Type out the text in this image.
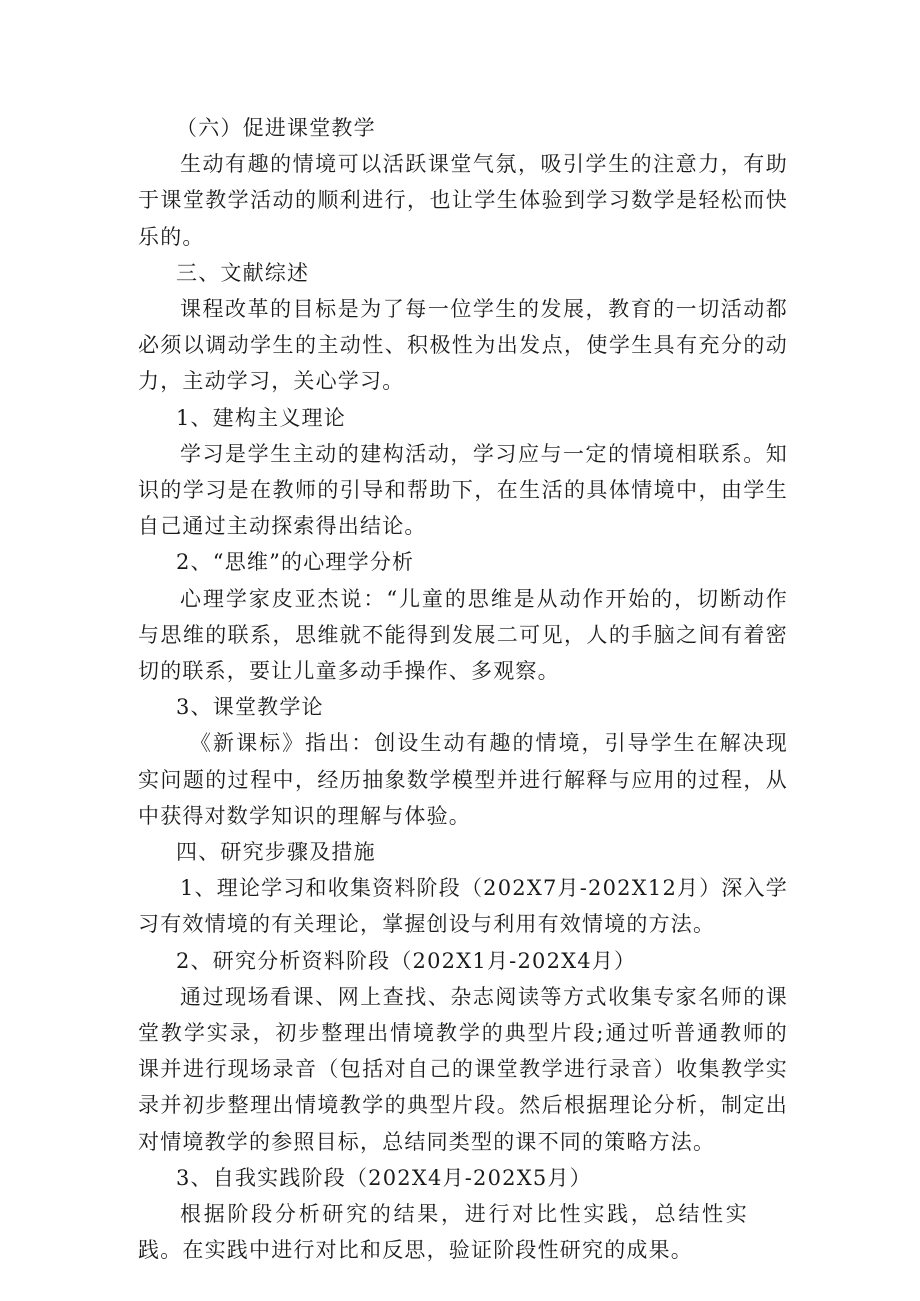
（六）促进课堂教学

生动有趣的情境可以活跃课堂气氛，吸引学生的注意力，有助于课堂教学活动的顺利进行，也让学生体验到学习数学是轻松而快乐的。

三、文献综述

课程改革的目标是为了每一位学生的发展，教育的一切活动都必须以调动学生的主动性、积极性为出发点，使学生具有充分的动力，主动学习，关心学习。

1、建构主义理论

学习是学生主动的建构活动，学习应与一定的情境相联系。知识的学习是在教师的引导和帮助下，在生活的具体情境中，由学生自己通过主动探索得出结论。

2、“思维”的心理学分析

心理学家皮亚杰说：“儿童的思维是从动作开始的，切断动作与思维的联系，思维就不能得到发展二可见，人的手脑之间有着密切的联系，要让儿童多动手操作、多观察。

3、课堂教学论

《新课标》指出：创设生动有趣的情境，引导学生在解决现实问题的过程中，经历抽象数学模型并进行解释与应用的过程，从中获得对数学知识的理解与体验。

四、研究步骤及措施

1、理论学习和收集资料阶段（202X7月-202X12月）深入学习有效情境的有关理论，掌握创设与利用有效情境的方法。

2、研究分析资料阶段（202X1月-202X4月）

通过现场看课、网上查找、杂志阅读等方式收集专家名师的课堂教学实录，初步整理出情境教学的典型片段;通过听普通教师的课并进行现场录音（包括对自己的课堂教学进行录音）收集教学实录并初步整理出情境教学的典型片段。然后根据理论分析，制定出对情境教学的参照目标，总结同类型的课不同的策略方法。

3、自我实践阶段（202X4月-202X5月）

根据阶段分析研究的结果，进行对比性实践，总结性实践。在实践中进行对比和反思，验证阶段性研究的成果。
